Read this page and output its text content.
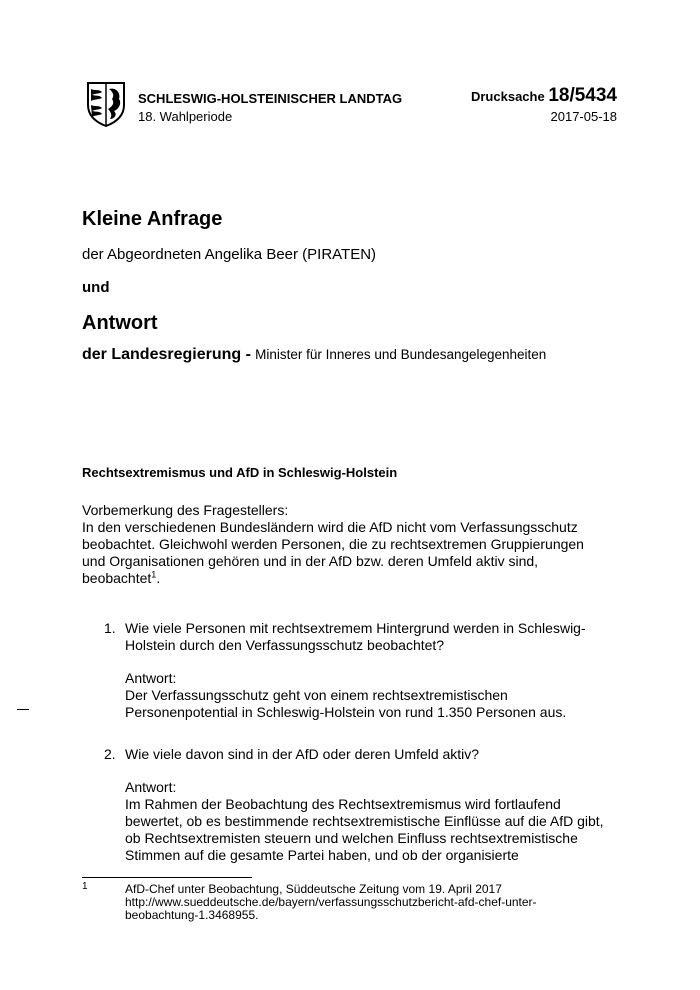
SCHLESWIG-HOLSTEINISCHER LANDTAG
18. Wahlperiode
Drucksache 18/5434
2017-05-18
Kleine Anfrage
der Abgeordneten Angelika Beer (PIRATEN)
und
Antwort
der Landesregierung - Minister für Inneres und Bundesangelegenheiten
Rechtsextremismus und AfD in Schleswig-Holstein
Vorbemerkung des Fragestellers:
In den verschiedenen Bundesländern wird die AfD nicht vom Verfassungsschutz
beobachtet. Gleichwohl werden Personen, die zu rechtsextremen Gruppierungen
und Organisationen gehören und in der AfD bzw. deren Umfeld aktiv sind,
beobachtet$^1$.
1. Wie viele Personen mit rechtsextremem Hintergrund werden in Schleswig-
Holstein durch den Verfassungsschutz beobachtet?
Antwort:
Der Verfassungsschutz geht von einem rechtsextremistischen
Personenpotential in Schleswig-Holstein von rund 1.350 Personen aus.
2. Wie viele davon sind in der AfD oder deren Umfeld aktiv?
Antwort:
Im Rahmen der Beobachtung des Rechtsextremismus wird fortlaufend
bewertet, ob es bestimmende rechtsextremistische Einflüsse auf die AfD gibt,
ob Rechtsextremisten steuern und welchen Einfluss rechtsextremistische
Stimmen auf die gesamte Partei haben, und ob der organisierte
1	AfD-Chef unter Beobachtung, Süddeutsche Zeitung vom 19. April 2017
http://www.sueddeutsche.de/bayern/verfassungsschutzbericht-afd-chef-unter-
beobachtung-1.3468955.
